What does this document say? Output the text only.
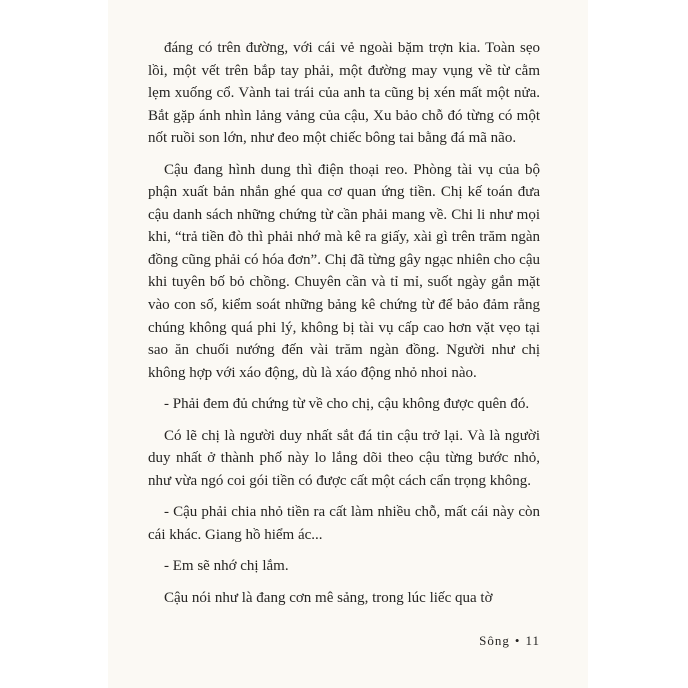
đáng có trên đường, với cái vẻ ngoài bặm trợn kia. Toàn sẹo lồi, một vết trên bắp tay phải, một đường may vụng về từ cằm lẹm xuống cổ. Vành tai trái của anh ta cũng bị xén mất một nửa. Bắt gặp ánh nhìn lảng vảng của cậu, Xu bảo chỗ đó từng có một nốt ruồi son lớn, như đeo một chiếc bông tai bằng đá mã não.

Cậu đang hình dung thì điện thoại reo. Phòng tài vụ của bộ phận xuất bản nhắn ghé qua cơ quan ứng tiền. Chị kế toán đưa cậu danh sách những chứng từ cần phải mang về. Chi li như mọi khi, “trả tiền đò thì phải nhớ mà kê ra giấy, xài gì trên trăm ngàn đồng cũng phải có hóa đơn”. Chị đã từng gây ngạc nhiên cho cậu khi tuyên bố bỏ chồng. Chuyên cần và tỉ mỉ, suốt ngày gắn mặt vào con số, kiểm soát những bảng kê chứng từ để bảo đảm rằng chúng không quá phi lý, không bị tài vụ cấp cao hơn vặt vẹo tại sao ăn chuối nướng đến vài trăm ngàn đồng. Người như chị không hợp với xáo động, dù là xáo động nhỏ nhoi nào.

- Phải đem đủ chứng từ về cho chị, cậu không được quên đó.

Có lẽ chị là người duy nhất sắt đá tin cậu trở lại. Và là người duy nhất ở thành phố này lo lắng dõi theo cậu từng bước nhỏ, như vừa ngó coi gói tiền có được cất một cách cẩn trọng không.

- Cậu phải chia nhỏ tiền ra cất làm nhiều chỗ, mất cái này còn cái khác. Giang hồ hiểm ác...

- Em sẽ nhớ chị lắm.

Cậu nói như là đang cơn mê sảng, trong lúc liếc qua tờ

Sông • 11
